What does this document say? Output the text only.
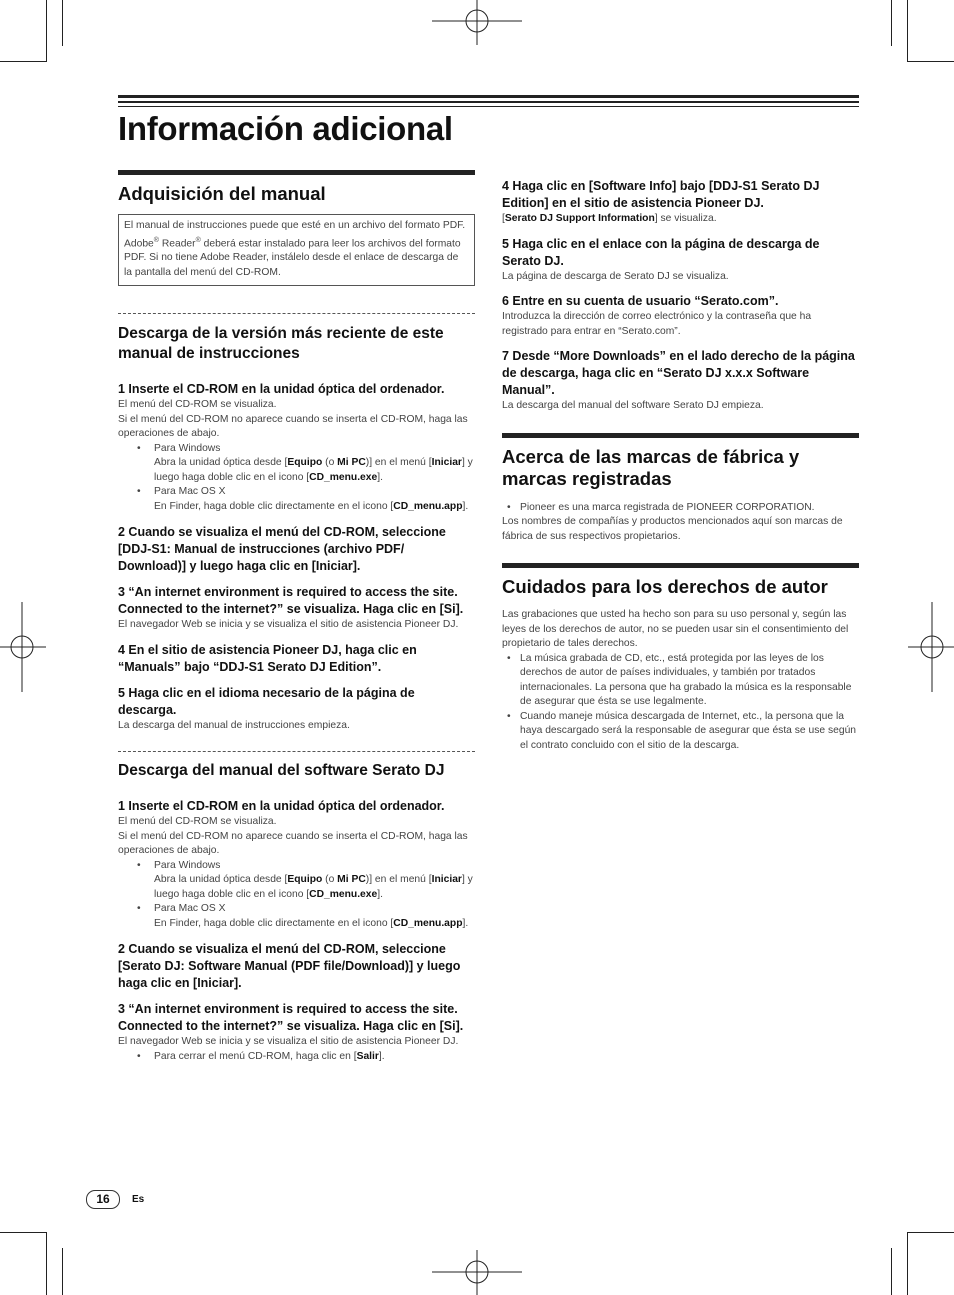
Información adicional
Adquisición del manual
El manual de instrucciones puede que esté en un archivo del formato PDF. Adobe® Reader® deberá estar instalado para leer los archivos del formato PDF. Si no tiene Adobe Reader, instálelo desde el enlace de descarga de la pantalla del menú del CD-ROM.
Descarga de la versión más reciente de este manual de instrucciones
1 Inserte el CD-ROM en la unidad óptica del ordenador.
El menú del CD-ROM se visualiza.
Si el menú del CD-ROM no aparece cuando se inserta el CD-ROM, haga las operaciones de abajo.
• Para Windows
Abra la unidad óptica desde [Equipo (o Mi PC)] en el menú [Iniciar] y luego haga doble clic en el icono [CD_menu.exe].
• Para Mac OS X
En Finder, haga doble clic directamente en el icono [CD_menu.app].
2 Cuando se visualiza el menú del CD-ROM, seleccione [DDJ-S1: Manual de instrucciones (archivo PDF/ Download)] y luego haga clic en [Iniciar].
3 “An internet environment is required to access the site. Connected to the internet?” se visualiza. Haga clic en [Si].
El navegador Web se inicia y se visualiza el sitio de asistencia Pioneer DJ.
4 En el sitio de asistencia Pioneer DJ, haga clic en “Manuals” bajo “DDJ-S1 Serato DJ Edition”.
5 Haga clic en el idioma necesario de la página de descarga.
La descarga del manual de instrucciones empieza.
Descarga del manual del software Serato DJ
1 Inserte el CD-ROM en la unidad óptica del ordenador.
El menú del CD-ROM se visualiza.
Si el menú del CD-ROM no aparece cuando se inserta el CD-ROM, haga las operaciones de abajo.
• Para Windows
Abra la unidad óptica desde [Equipo (o Mi PC)] en el menú [Iniciar] y luego haga doble clic en el icono [CD_menu.exe].
• Para Mac OS X
En Finder, haga doble clic directamente en el icono [CD_menu.app].
2 Cuando se visualiza el menú del CD-ROM, seleccione [Serato DJ: Software Manual (PDF file/Download)] y luego haga clic en [Iniciar].
3 “An internet environment is required to access the site. Connected to the internet?” se visualiza. Haga clic en [Si].
El navegador Web se inicia y se visualiza el sitio de asistencia Pioneer DJ.
• Para cerrar el menú CD-ROM, haga clic en [Salir].
4 Haga clic en [Software Info] bajo [DDJ-S1 Serato DJ Edition] en el sitio de asistencia Pioneer DJ.
[Serato DJ Support Information] se visualiza.
5 Haga clic en el enlace con la página de descarga de Serato DJ.
La página de descarga de Serato DJ se visualiza.
6 Entre en su cuenta de usuario “Serato.com”.
Introduzca la dirección de correo electrónico y la contraseña que ha registrado para entrar en “Serato.com”.
7 Desde “More Downloads” en el lado derecho de la página de descarga, haga clic en “Serato DJ x.x.x Software Manual”.
La descarga del manual del software Serato DJ empieza.
Acerca de las marcas de fábrica y marcas registradas
• Pioneer es una marca registrada de PIONEER CORPORATION.
Los nombres de compañías y productos mencionados aquí son marcas de fábrica de sus respectivos propietarios.
Cuidados para los derechos de autor
Las grabaciones que usted ha hecho son para su uso personal y, según las leyes de los derechos de autor, no se pueden usar sin el consentimiento del propietario de tales derechos.
• La música grabada de CD, etc., está protegida por las leyes de los derechos de autor de países individuales, y también por tratados internacionales. La persona que ha grabado la música es la responsable de asegurar que ésta se use legalmente.
• Cuando maneje música descargada de Internet, etc., la persona que la haya descargado será la responsable de asegurar que ésta se use según el contrato concluido con el sitio de la descarga.
16	Es
